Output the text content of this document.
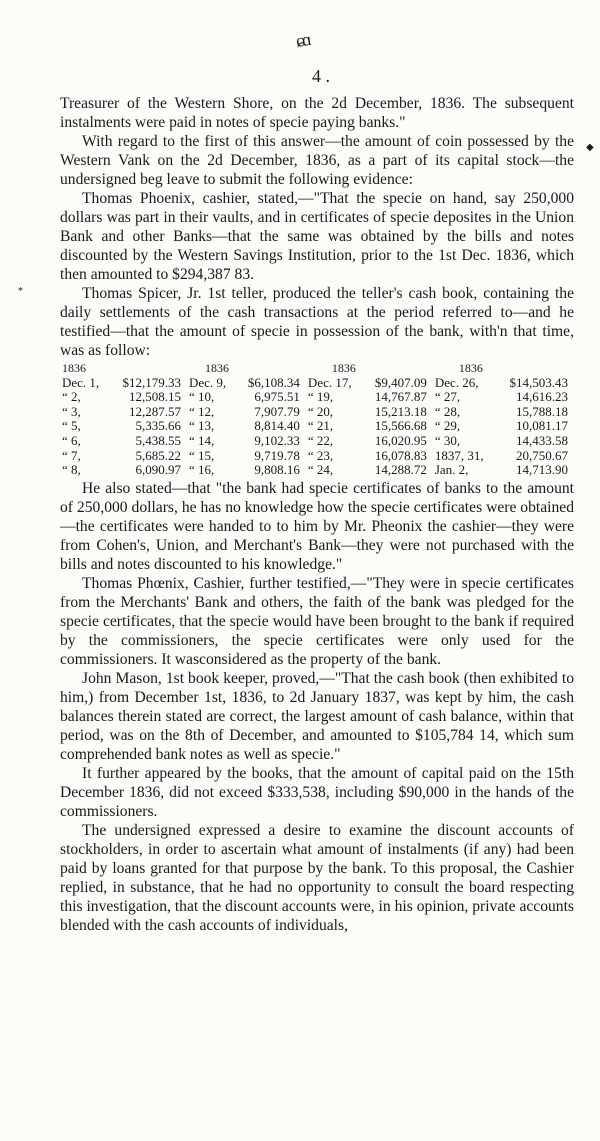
ɕɑ
4 .
◆
*

Treasurer of the Western Shore, on the 2d December, 1836. The subsequent instalments were paid in notes of specie paying banks."

With regard to the first of this answer—the amount of coin possessed by the Western Vank on the 2d December, 1836, as a part of its capital stock—the undersigned beg leave to submit the following evidence:

Thomas Phoenix, cashier, stated,—"That the specie on hand, say 250,000 dollars was part in their vaults, and in certificates of specie deposites in the Union Bank and other Banks—that the same was obtained by the bills and notes discounted by the Western Savings Institution, prior to the 1st Dec. 1836, which then amounted to $294,387 83.

Thomas Spicer, Jr. 1st teller, produced the teller's cash book, containing the daily settlements of the cash transactions at the period referred to—and he testified—that the amount of specie in possession of the bank, with'n that time, was as follow:

1836		1836		1836		1836	
Dec. 1,	$12,179.33	Dec. 9,	$6,108.34	Dec. 17,	$9,407.09	Dec. 26,	$14,503.43
“ 2,	12,508.15	“ 10,	6,975.51	“ 19,	14,767.87	“ 27,	14,616.23
“ 3,	12,287.57	“ 12,	7,907.79	“ 20,	15,213.18	“ 28,	15,788.18
“ 5,	5,335.66	“ 13,	8,814.40	“ 21,	15,566.68	“ 29,	10,081.17
“ 6,	5,438.55	“ 14,	9,102.33	“ 22,	16,020.95	“ 30,	14,433.58
“ 7,	5,685.22	“ 15,	9,719.78	“ 23,	16,078.83	1837, 31,	20,750.67
“ 8,	6,090.97	“ 16,	9,808.16	“ 24,	14,288.72	Jan. 2,	14,713.90

He also stated—that "the bank had specie certificates of banks to the amount of 250,000 dollars, he has no knowledge how the specie certificates were obtained—the certificates were handed to to him by Mr. Pheonix the cashier—they were from Cohen's, Union, and Merchant's Bank—they were not purchased with the bills and notes discounted to his knowledge."

Thomas Phœnix, Cashier, further testified,—"They were in specie certificates from the Merchants' Bank and others, the faith of the bank was pledged for the specie certificates, that the specie would have been brought to the bank if required by the commissioners, the specie certificates were only used for the commissioners. It wasconsidered as the property of the bank.

John Mason, 1st book keeper, proved,—"That the cash book (then exhibited to him,) from December 1st, 1836, to 2d January 1837, was kept by him, the cash balances therein stated are correct, the largest amount of cash balance, within that period, was on the 8th of December, and amounted to $105,784 14, which sum comprehended bank notes as well as specie."

It further appeared by the books, that the amount of capital paid on the 15th December 1836, did not exceed $333,538, including $90,000 in the hands of the commissioners.

The undersigned expressed a desire to examine the discount accounts of stockholders, in order to ascertain what amount of instalments (if any) had been paid by loans granted for that purpose by the bank. To this proposal, the Cashier replied, in substance, that he had no opportunity to consult the board respecting this investigation, that the discount accounts were, in his opinion, private accounts blended with the cash accounts of individuals,
